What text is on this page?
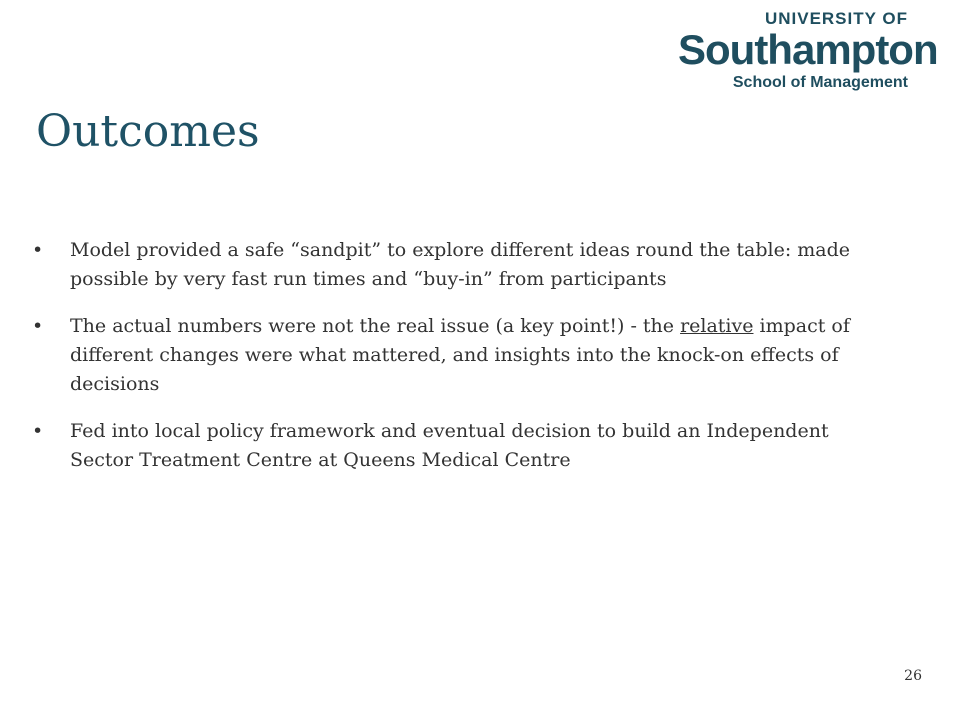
UNIVERSITY OF
Southampton
School of Management
Outcomes
• Model provided a safe “sandpit” to explore different ideas round the table: made possible by very fast run times and “buy-in” from participants
• The actual numbers were not the real issue (a key point!) - the relative impact of different changes were what mattered, and insights into the knock-on effects of decisions
• Fed into local policy framework and eventual decision to build an Independent Sector Treatment Centre at Queens Medical Centre
26
